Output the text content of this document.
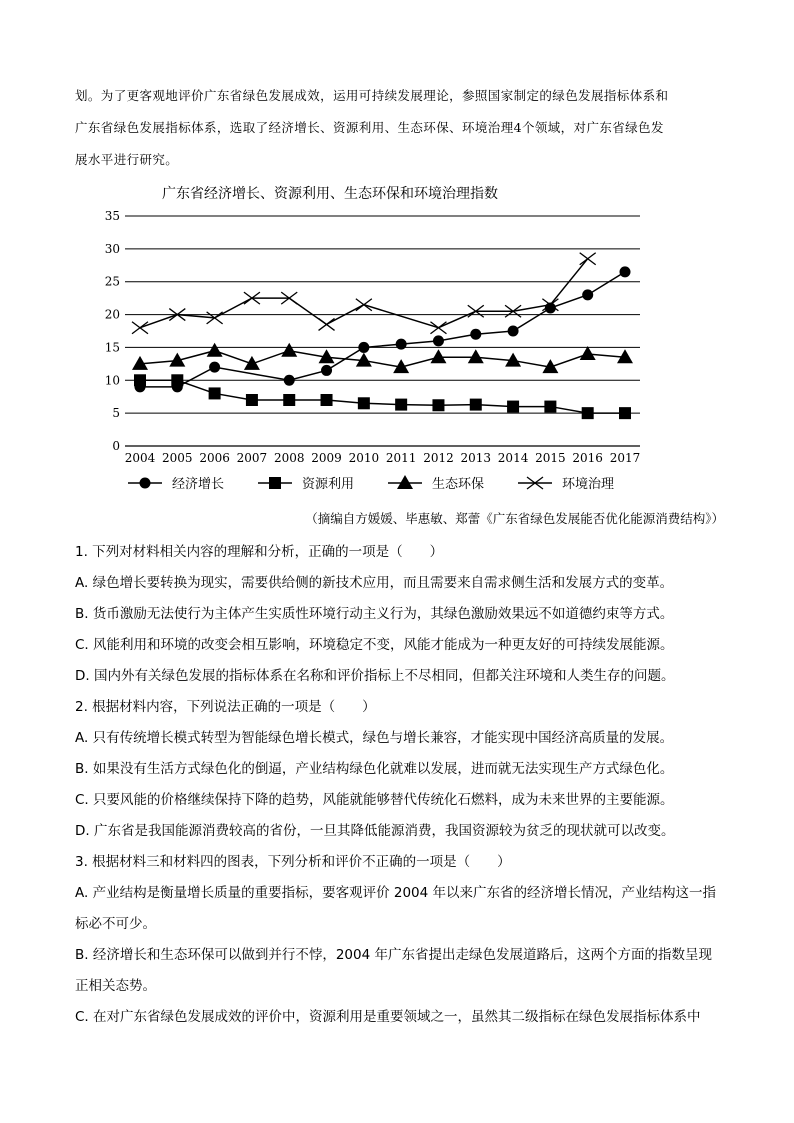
划。为了更客观地评价广东省绿色发展成效，运用可持续发展理论，参照国家制定的绿色发展指标体系和

广东省绿色发展指标体系，选取了经济增长、资源利用、生态环保、环境治理4个领域，对广东省绿色发

展水平进行研究。

广东省经济增长、资源利用、生态环保和环境治理指数
0
5
10
15
20
25
30
35
2004 2005 2006 2007 2008 2009 2010 2011 2012 2013 2014 2015 2016 2017
经济增长	资源利用	生态环保	环境治理
（摘编自方媛媛、毕惠敏、郑蕾《广东省绿色发展能否优化能源消费结构》）

1. 下列对材料相关内容的理解和分析，正确的一项是（　　）

A. 绿色增长要转换为现实，需要供给侧的新技术应用，而且需要来自需求侧生活和发展方式的变革。

B. 货币激励无法使行为主体产生实质性环境行动主义行为，其绿色激励效果远不如道德约束等方式。

C. 风能利用和环境的改变会相互影响，环境稳定不变，风能才能成为一种更友好的可持续发展能源。

D. 国内外有关绿色发展的指标体系在名称和评价指标上不尽相同，但都关注环境和人类生存的问题。

2. 根据材料内容，下列说法正确的一项是（　　）

A. 只有传统增长模式转型为智能绿色增长模式，绿色与增长兼容，才能实现中国经济高质量的发展。

B. 如果没有生活方式绿色化的倒逼，产业结构绿色化就难以发展，进而就无法实现生产方式绿色化。

C. 只要风能的价格继续保持下降的趋势，风能就能够替代传统化石燃料，成为未来世界的主要能源。

D. 广东省是我国能源消费较高的省份，一旦其降低能源消费，我国资源较为贫乏的现状就可以改变。

3. 根据材料三和材料四的图表，下列分析和评价不正确的一项是（　　）

A. 产业结构是衡量增长质量的重要指标，要客观评价 2004 年以来广东省的经济增长情况，产业结构这一指

标必不可少。

B. 经济增长和生态环保可以做到并行不悖，2004 年广东省提出走绿色发展道路后，这两个方面的指数呈现

正相关态势。

C. 在对广东省绿色发展成效的评价中，资源利用是重要领域之一，虽然其二级指标在绿色发展指标体系中
